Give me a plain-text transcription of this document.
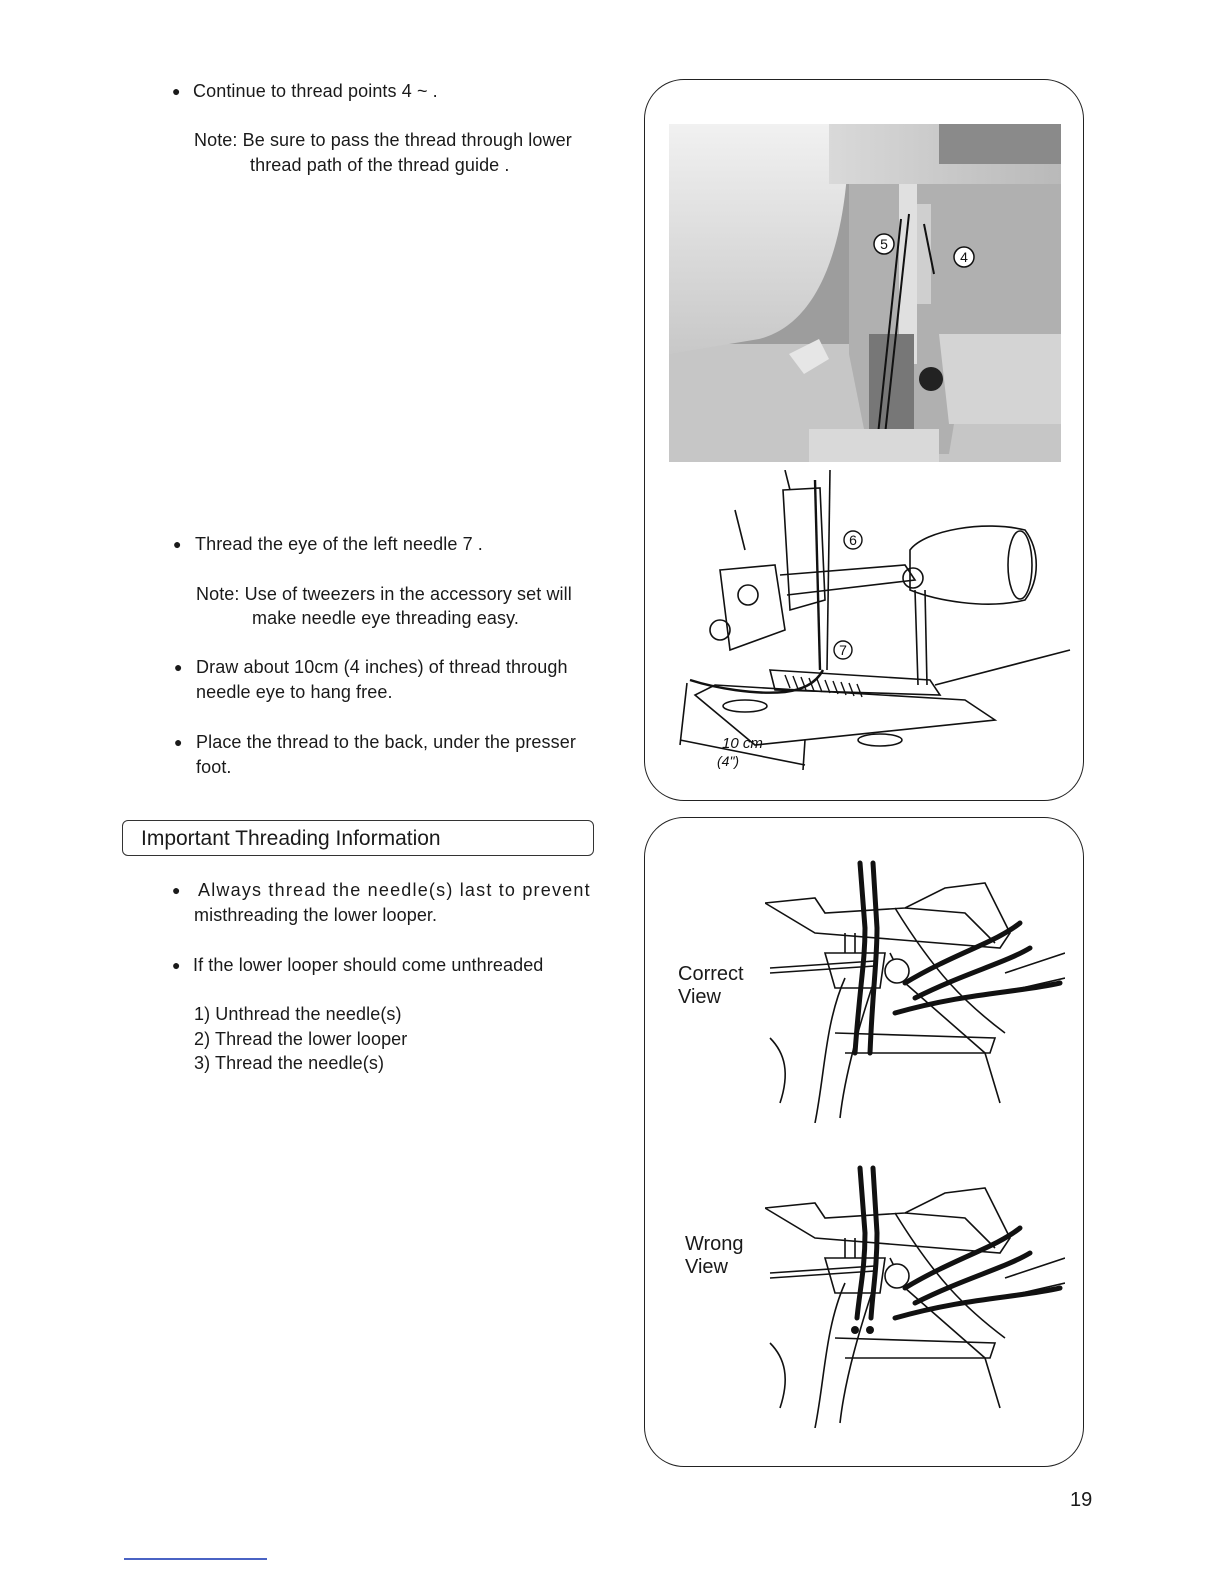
● Continue to thread points 4 ~ .
Note: Be sure to pass the thread through lower
thread path of the thread guide .
● Thread the eye of the left needle 7 .
Note: Use of tweezers in the accessory set will
make needle eye threading easy.
● Draw about 10cm (4 inches) of thread through
needle eye to hang free.
● Place the thread to the back, under the presser
foot.
Important Threading Information
● Always thread the needle(s) last to prevent
misthreading the lower looper.
● If the lower looper should come unthreaded
1) Unthread the needle(s)
2) Thread the lower looper
3) Thread the needle(s)
5
4
6
7
10 cm
(4")
Correct
View
Wrong
View
19
